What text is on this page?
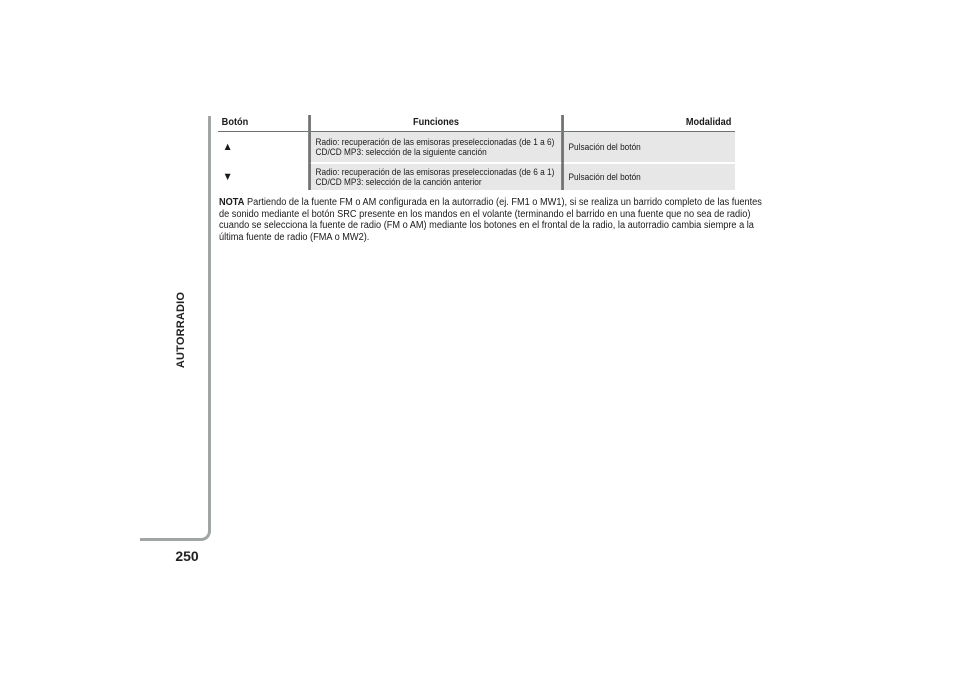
AUTORRADIO
250
Botón	Funciones	Modalidad
▲	Radio: recuperación de las emisoras preseleccionadas (de 1 a 6)
CD/CD MP3: selección de la siguiente canción	Pulsación del botón
▼	Radio: recuperación de las emisoras preseleccionadas (de 6 a 1)
CD/CD MP3: selección de la canción anterior	Pulsación del botón

NOTA Partiendo de la fuente FM o AM configurada en la autorradio (ej. FM1 o MW1), si se realiza un barrido completo de las fuentes
de sonido mediante el botón SRC presente en los mandos en el volante (terminando el barrido en una fuente que no sea de radio)
cuando se selecciona la fuente de radio (FM o AM) mediante los botones en el frontal de la radio, la autorradio cambia siempre a la
última fuente de radio (FMA o MW2).
